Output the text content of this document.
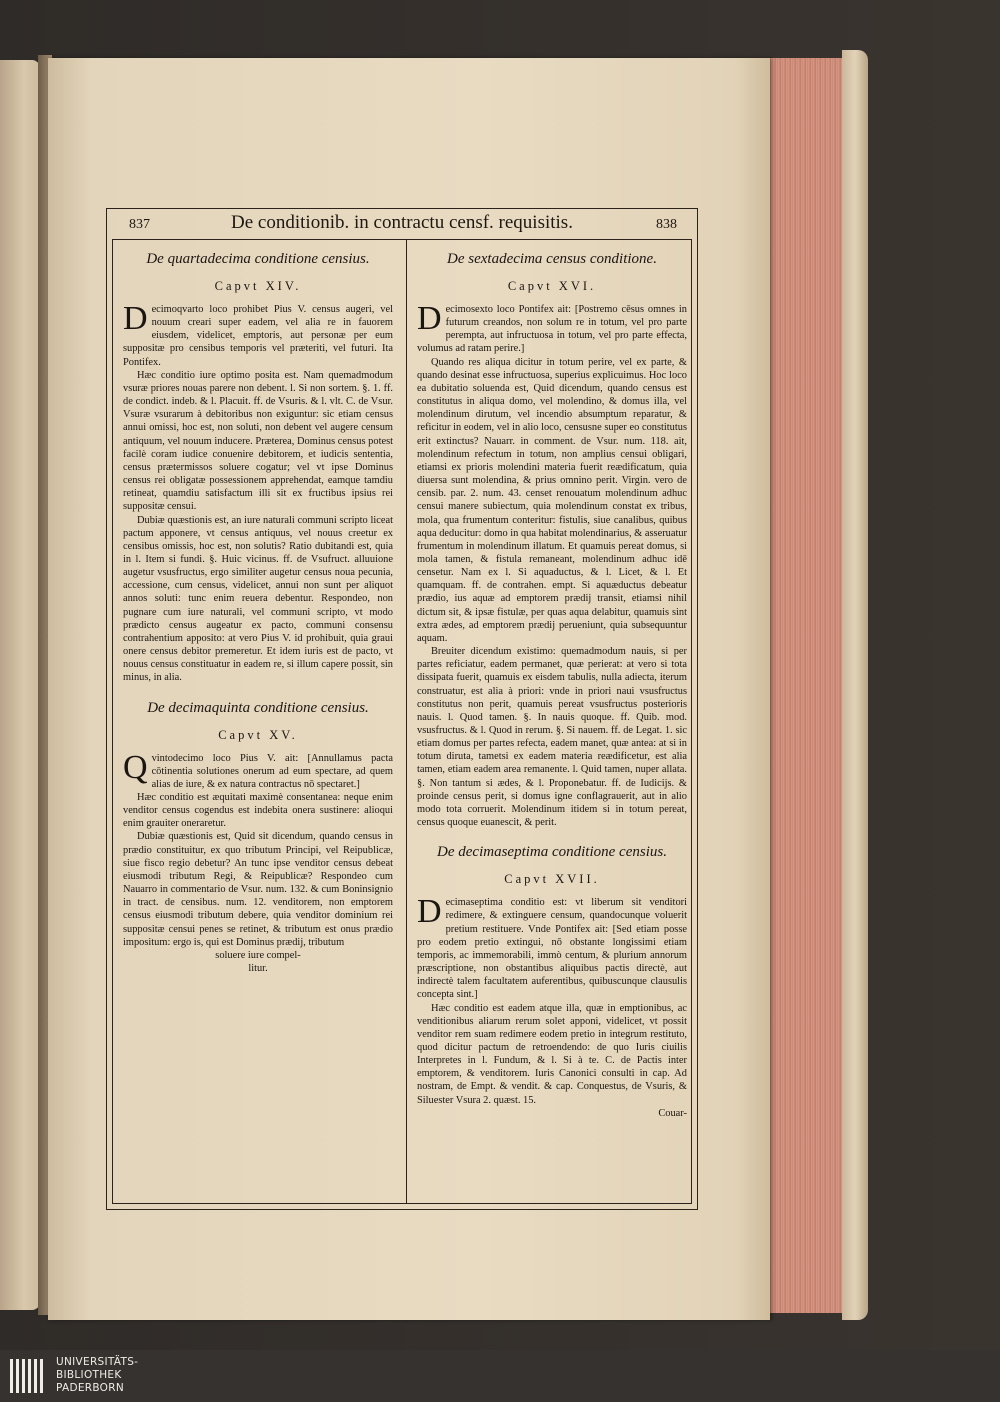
837	De conditionib. in contractu censf. requisitis.	838
De quartadecima conditione censius.
Capvt XIV.
Decimoqvarto loco prohibet Pius V. census augeri, vel nouum creari super eadem, vel alia re in fauorem eiusdem, videlicet, emptoris, aut personæ per eum suppositæ pro censibus temporis vel præteriti, vel futuri. Ita Pontifex.
Hæc conditio iure optimo posita est. Nam quemadmodum vsuræ priores nouas parere non debent. l. Si non sortem. §. 1. ff. de condict. indeb. & l. Placuit. ff. de Vsuris. & l. vlt. C. de Vsur. Vsuræ vsurarum à debitoribus non exiguntur: sic etiam census annui omissi, hoc est, non soluti, non debent vel augere censum antiquum, vel nouum inducere. Præterea, Dominus census potest facilè coram iudice conuenire debitorem, et iudicis sententia, census prætermissos soluere cogatur; vel vt ipse Dominus census rei obligatæ possessionem apprehendat, eamque tamdiu retineat, quamdiu satisfactum illi sit ex fructibus ipsius rei suppositæ censui.
Dubiæ quæstionis est, an iure naturali communi scripto liceat pactum apponere, vt census antiquus, vel nouus creetur ex censibus omissis, hoc est, non solutis? Ratio dubitandi est, quia in l. Item si fundi. §. Huic vicinus. ff. de Vsufruct. alluuione augetur vsusfructus, ergo similiter augetur census noua pecunia, accessione, cum census, videlicet, annui non sunt per aliquot annos soluti: tunc enim reuera debentur. Respondeo, non pugnare cum iure naturali, vel communi scripto, vt modo prædicto census augeatur ex pacto, communi consensu contrahentium apposito: at vero Pius V. id prohibuit, quia graui onere census debitor premeretur. Et idem iuris est de pacto, vt nouus census constituatur in eadem re, si illum capere possit, sin minus, in alia.
De decimaquinta conditione censius.
Capvt XV.
Qvintodecimo loco Pius V. ait: [Annullamus pacta cōtinentia solutiones onerum ad eum spectare, ad quem alias de iure, & ex natura contractus nō spectaret.]
Hæc conditio est æquitati maximè consentanea: neque enim venditor census cogendus est indebita onera sustinere: alioqui enim grauiter oneraretur.
Dubiæ quæstionis est, Quid sit dicendum, quando census in prædio constituitur, ex quo tributum Principi, vel Reipublicæ, siue fisco regio debetur? An tunc ipse venditor census debeat eiusmodi tributum Regi, & Reipublicæ? Respondeo cum Nauarro in commentario de Vsur. num. 132. & cum Boninsignio in tract. de censibus. num. 12. venditorem, non emptorem census eiusmodi tributum debere, quia venditor dominium rei suppositæ censui penes se retinet, & tributum est onus prædio impositum: ergo is, qui est Dominus prædij, tributum
soluere iure compel-
litur.
De sextadecima census conditione.
Capvt XVI.
Decimosexto loco Pontifex ait: [Postremo cēsus omnes in futurum creandos, non solum re in totum, vel pro parte perempta, aut infructuosa in totum, vel pro parte effecta, volumus ad ratam perire.]
Quando res aliqua dicitur in totum perire, vel ex parte, & quando desinat esse infructuosa, superius explicuimus. Hoc loco ea dubitatio soluenda est, Quid dicendum, quando census est constitutus in aliqua domo, vel molendino, & domus illa, vel molendinum dirutum, vel incendio absumptum reparatur, & reficitur in eodem, vel in alio loco, censusne super eo constitutus erit extinctus? Nauarr. in comment. de Vsur. num. 118. ait, molendinum refectum in totum, non amplius censui obligari, etiamsi ex prioris molendini materia fuerit reædificatum, quia diuersa sunt molendina, & prius omnino perit. Virgin. vero de censib. par. 2. num. 43. censet renouatum molendinum adhuc censui manere subiectum, quia molendinum constat ex tribus, mola, qua frumentum conteritur: fistulis, siue canalibus, quibus aqua deducitur: domo in qua habitat molendinarius, & asseruatur frumentum in molendinum illatum. Et quamuis pereat domus, si mola tamen, & fistula remaneant, molendinum adhuc idē censetur. Nam ex l. Si aquaductus, & l. Licet, & l. Et quamquam. ff. de contrahen. empt. Si aquæductus debeatur prædio, ius aquæ ad emptorem prædij transit, etiamsi nihil dictum sit, & ipsæ fistulæ, per quas aqua delabitur, quamuis sint extra ædes, ad emptorem prædij perueniunt, quia subsequuntur aquam.
Breuiter dicendum existimo: quemadmodum nauis, si per partes reficiatur, eadem permanet, quæ perierat: at vero si tota dissipata fuerit, quamuis ex eisdem tabulis, nulla adiecta, iterum construatur, est alia à priori: vnde in priori naui vsusfructus constitutus non perit, quamuis pereat vsusfructus posterioris nauis. l. Quod tamen. §. In nauis quoque. ff. Quib. mod. vsusfructus. & l. Quod in rerum. §. Si nauem. ff. de Legat. 1. sic etiam domus per partes refecta, eadem manet, quæ antea: at si in totum diruta, tametsi ex eadem materia reædificetur, est alia tamen, etiam eadem area remanente. l. Quid tamen, nuper allata. §. Non tantum si ædes, & l. Proponebatur. ff. de Iudicijs. & proinde census perit, si domus igne conflagrauerit, aut in alio modo tota corruerit. Molendinum itidem si in totum pereat, census quoque euanescit, & perit.
De decimaseptima conditione censius.
Capvt XVII.
Decimaseptima conditio est: vt liberum sit venditori redimere, & extinguere censum, quandocunque voluerit pretium restituere. Vnde Pontifex ait: [Sed etiam posse pro eodem pretio extingui, nō obstante longissimi etiam temporis, ac immemorabili, immò centum, & plurium annorum præscriptione, non obstantibus aliquibus pactis directè, aut indirectè talem facultatem auferentibus, quibuscunque clausulis concepta sint.]
Hæc conditio est eadem atque illa, quæ in emptionibus, ac venditionibus aliarum rerum solet apponi, videlicet, vt possit venditor rem suam redimere eodem pretio in integrum restituto, quod dicitur pactum de retroendendo: de quo Iuris ciuilis Interpretes in l. Fundum, & l. Si à te. C. de Pactis inter emptorem, & venditorem. Iuris Canonici consulti in cap. Ad nostram, de Empt. & vendit. & cap. Conquestus, de Vsuris, & Siluester Vsura 2. quæst. 15.
Couar-
UNIVERSITÄTS-
BIBLIOTHEK
PADERBORN
